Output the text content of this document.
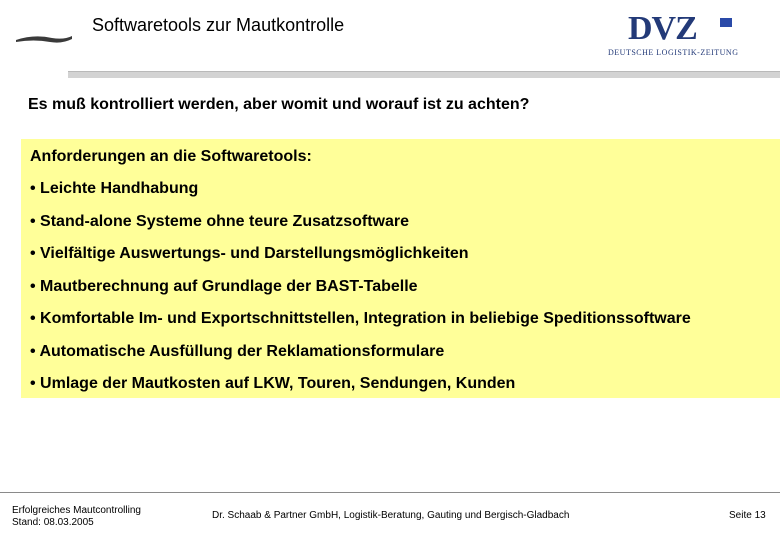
Softwaretools zur Mautkontrolle	DVZ
DEUTSCHE LOGISTIK-ZEITUNG
Es muß kontrolliert werden, aber womit und worauf ist zu achten?
Anforderungen an die Softwaretools:
• Leichte Handhabung
• Stand-alone Systeme ohne teure Zusatzsoftware
• Vielfältige Auswertungs- und Darstellungsmöglichkeiten
• Mautberechnung auf Grundlage der BAST-Tabelle
• Komfortable Im- und Exportschnittstellen, Integration in beliebige Speditionssoftware
• Automatische Ausfüllung der Reklamationsformulare
• Umlage der Mautkosten auf LKW, Touren, Sendungen, Kunden
Erfolgreiches Mautcontrolling
Stand: 08.03.2005
Dr. Schaab & Partner GmbH, Logistik-Beratung, Gauting und Bergisch-Gladbach	Seite 13
